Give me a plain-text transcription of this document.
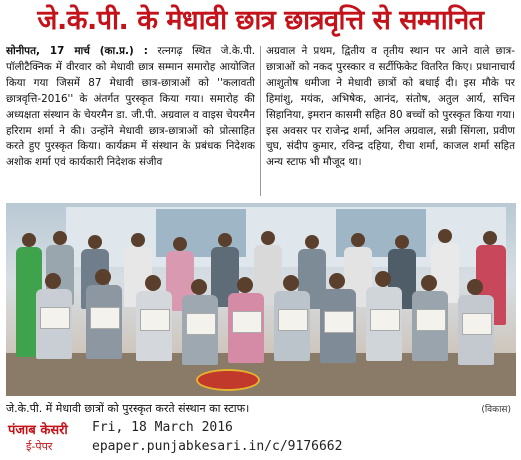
जे.के.पी. के मेधावी छात्र छात्रवृत्ति से सम्मानित
सोनीपत, 17 मार्च (का.प्र.) : रत्नगढ़ स्थित जे.के.पी. पॉलीटैक्निक में वीरवार को मेधावी छात्र सम्मान समारोह आयोजित किया गया जिसमें 87 मेधावी छात्र-छात्राओं को ''कलावती छात्रवृत्ति-2016'' के अंतर्गत पुरस्कृत किया गया। समारोह की अध्यक्षता संस्थान के चेयरमैन डा. जी.पी. अग्रवाल व वाइस चेयरमैन हरिराम शर्मा ने की। उन्होंने मेधावी छात्र-छात्राओं को प्रोत्साहित करते हुए पुरस्कृत किया। कार्यक्रम में संस्थान के प्रबंधक निदेशक अशोक शर्मा एवं कार्यकारी निदेशक संजीव
अग्रवाल ने प्रथम, द्वितीय व तृतीय स्थान पर आने वाले छात्र-छात्राओं को नकद पुरस्कार व सर्टीफिकेट वितरित किए। प्रधानाचार्य आशुतोष धमीजा ने मेधावी छात्रों को बधाई दी। इस मौके पर हिमांशु, मयंक, अभिषेक, आनंद, संतोष, अतुल आर्य, सचिन सिहानिया, इमरान कासमी सहित 80 बच्चों को पुरस्कृत किया गया। इस अवसर पर राजेन्द्र शर्मा, अनिल अग्रवाल, सन्नी सिंगला, प्रवीण चुघ, संदीप कुमार, रविन्द्र दहिया, रीचा शर्मा, काजल शर्मा सहित अन्य स्टाफ भी मौजूद था।
जे.के.पी. में मेधावी छात्रों को पुरस्कृत करते संस्थान का स्टाफ।	(विकास)
पंजाब केसरी
ई-पेपर
Fri, 18 March 2016
epaper.punjabkesari.in/c/9176662
